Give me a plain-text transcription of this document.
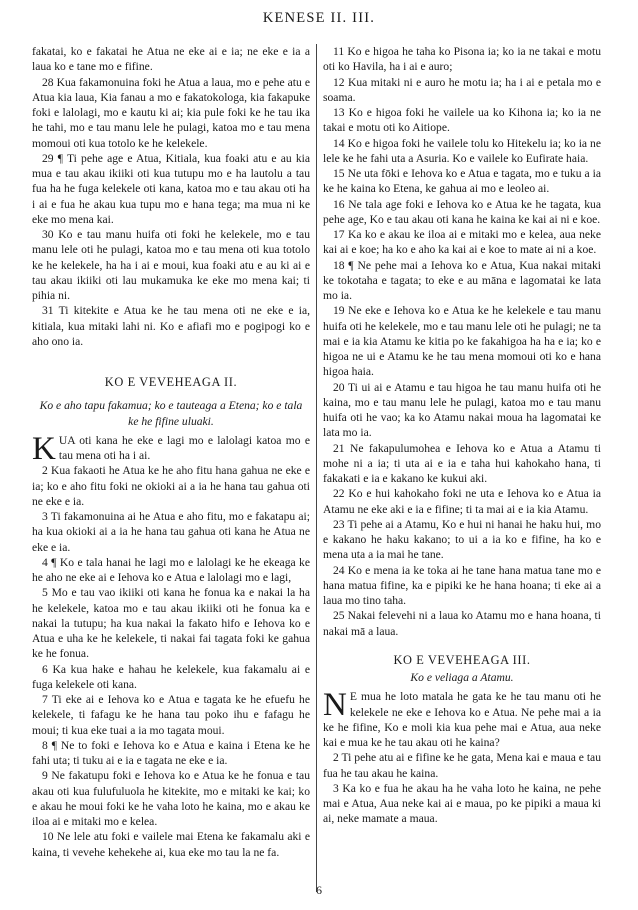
KENESE II. III.

fakatai, ko e fakatai he Atua ne eke ai e ia; ne eke e ia a laua ko e tane mo e fifine.

28 Kua fakamonuina foki he Atua a laua, mo e pehe atu e Atua kia laua, Kia fanau a mo e fakatokologa, kia fakapuke foki e lalolagi, mo e kautu ki ai; kia pule foki ke he tau ika he tahi, mo e tau manu lele he pulagi, katoa mo e tau mena momoui oti kua totolo ke he kelekele.

29 ¶ Ti pehe age e Atua, Kitiala, kua foaki atu e au kia mua e tau akau ikiiki oti kua tutupu mo e ha lautolu a tau fua ha he fuga kelekele oti kana, katoa mo e tau akau oti ha i ai e fua he akau kua tupu mo e hana tega; ma mua ni ke eke mo mena kai.

30 Ko e tau manu huifa oti foki he kelekele, mo e tau manu lele oti he pulagi, katoa mo e tau mena oti kua totolo ke he kelekele, ha ha i ai e moui, kua foaki atu e au ki ai e tau akau ikiiki oti lau mukamuka ke eke mo mena kai; ti pihia ni.

31 Ti kitekite e Atua ke he tau mena oti ne eke e ia, kitiala, kua mitaki lahi ni. Ko e afiafi mo e pogipogi ko e aho ono ia.

KO E VEVEHEAGA II.
Ko e aho tapu fakamua; ko e tauteaga a Etena; ko e tala ke he fifine uluaki.

KUA oti kana he eke e lagi mo e lalolagi katoa mo e tau mena oti ha i ai.

2 Kua fakaoti he Atua ke he aho fitu hana gahua ne eke e ia; ko e aho fitu foki ne okioki ai a ia he hana tau gahua oti ne eke e ia.

3 Ti fakamonuina ai he Atua e aho fitu, mo e fakatapu ai; ha kua okioki ai a ia he hana tau gahua oti kana he Atua ne eke e ia.

4 ¶ Ko e tala hanai he lagi mo e lalolagi ke he ekeaga ke he aho ne eke ai e Iehova ko e Atua e lalolagi mo e lagi,

5 Mo e tau vao ikiiki oti kana he fonua ka e nakai la ha he kelekele, katoa mo e tau akau ikiiki oti he fonua ka e nakai la tutupu; ha kua nakai la fakato hifo e Iehova ko e Atua e uha ke he kelekele, ti nakai fai tagata foki ke gahua ke he fonua.

6 Ka kua hake e hahau he kelekele, kua fakamalu ai e fuga kelekele oti kana.

7 Ti eke ai e Iehova ko e Atua e tagata ke he efuefu he kelekele, ti fafagu ke he hana tau poko ihu e fafagu he moui; ti kua eke tuai a ia mo tagata moui.

8 ¶ Ne to foki e Iehova ko e Atua e kaina i Etena ke he fahi uta; ti tuku ai e ia e tagata ne eke e ia.

9 Ne fakatupu foki e Iehova ko e Atua ke he fonua e tau akau oti kua fulufuluola he kitekite, mo e mitaki ke kai; ko e akau he moui foki ke he vaha loto he kaina, mo e akau ke iloa ai e mitaki mo e kelea.

10 Ne lele atu foki e vailele mai Etena ke fakamalu aki e kaina, ti vevehe kehekehe ai, kua eke mo tau la ne fa.

11 Ko e higoa he taha ko Pisona ia; ko ia ne takai e motu oti ko Havila, ha i ai e auro;

12 Kua mitaki ni e auro he motu ia; ha i ai e petala mo e soama.

13 Ko e higoa foki he vailele ua ko Kihona ia; ko ia ne takai e motu oti ko Aitiope.

14 Ko e higoa foki he vailele tolu ko Hitekelu ia; ko ia ne lele ke he fahi uta a Asuria. Ko e vailele ko Eufirate haia.

15 Ne uta fōki e Iehova ko e Atua e tagata, mo e tuku a ia ke he kaina ko Etena, ke gahua ai mo e leoleo ai.

16 Ne tala age foki e Iehova ko e Atua ke he tagata, kua pehe age, Ko e tau akau oti kana he kaina ke kai ai ni e koe.

17 Ka ko e akau ke iloa ai e mitaki mo e kelea, aua neke kai ai e koe; ha ko e aho ka kai ai e koe to mate ai ni a koe.

18 ¶ Ne pehe mai a Iehova ko e Atua, Kua nakai mitaki ke tokotaha e tagata; to eke e au māna e lagomatai ke lata mo ia.

19 Ne eke e Iehova ko e Atua ke he kelekele e tau manu huifa oti he kelekele, mo e tau manu lele oti he pulagi; ne ta mai e ia kia Atamu ke kitia po ke fakahigoa ha ha e ia; ko e higoa ne ui e Atamu ke he tau mena momoui oti ko e hana higoa haia.

20 Ti ui ai e Atamu e tau higoa he tau manu huifa oti he kaina, mo e tau manu lele he pulagi, katoa mo e tau manu huifa oti he vao; ka ko Atamu nakai moua ha lagomatai ke lata mo ia.

21 Ne fakapulumohea e Iehova ko e Atua a Atamu ti mohe ni a ia; ti uta ai e ia e taha hui kahokaho hana, ti fakakati e ia e kakano ke kukui aki.

22 Ko e hui kahokaho foki ne uta e Iehova ko e Atua ia Atamu ne eke aki e ia e fifine; ti ta mai ai e ia kia Atamu.

23 Ti pehe ai a Atamu, Ko e hui ni hanai he haku hui, mo e kakano he haku kakano; to ui a ia ko e fifine, ha ko e mena uta a ia mai he tane.

24 Ko e mena ia ke toka ai he tane hana matua tane mo e hana matua fifine, ka e pipiki ke he hana hoana; ti eke ai a laua mo tino taha.

25 Nakai felevehi ni a laua ko Atamu mo e hana hoana, ti nakai mā a laua.

KO E VEVEHEAGA III.
Ko e veliaga a Atamu.

N E mua he loto matala he gata ke he tau manu oti he kelekele ne eke e Iehova ko e Atua. Ne pehe mai a ia ke he fifine, Ko e moli kia kua pehe mai e Atua, aua neke kai e mua ke he tau akau oti he kaina?

2 Ti pehe atu ai e fifine ke he gata, Mena kai e maua e tau fua he tau akau he kaina.

3 Ka ko e fua he akau ha he vaha loto he kaina, ne pehe mai e Atua, Aua neke kai ai e maua, po ke pipiki a maua ki ai, neke mamate a maua.

6
